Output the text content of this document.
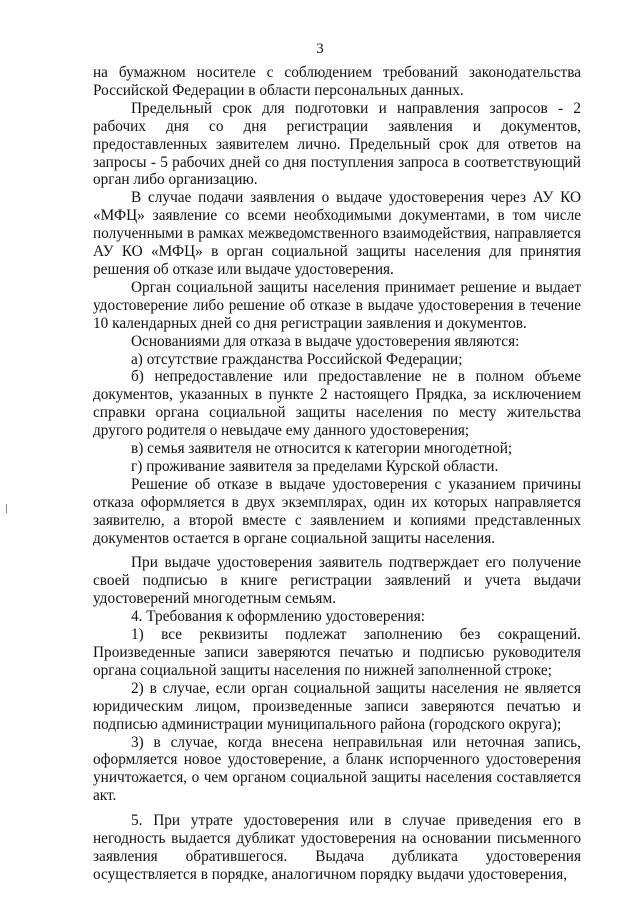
3

на бумажном носителе с соблюдением требований законодательства Российской Федерации в области персональных данных.

Предельный срок для подготовки и направления запросов - 2 рабочих дня со дня регистрации заявления и документов, предоставленных заявителем лично. Предельный срок для ответов на запросы - 5 рабочих дней со дня поступления запроса в соответствующий орган либо организацию.

В случае подачи заявления о выдаче удостоверения через АУ КО «МФЦ» заявление со всеми необходимыми документами, в том числе полученными в рамках межведомственного взаимодействия, направляется АУ КО «МФЦ» в орган социальной защиты населения для принятия решения об отказе или выдаче удостоверения.

Орган социальной защиты населения принимает решение и выдает удостоверение либо решение об отказе в выдаче удостоверения в течение 10 календарных дней со дня регистрации заявления и документов.

Основаниями для отказа в выдаче удостоверения являются:

а) отсутствие гражданства Российской Федерации;

б) непредоставление или предоставление не в полном объеме документов, указанных в пункте 2 настоящего Прядка, за исключением справки органа социальной защиты населения по месту жительства другого родителя о невыдаче ему данного удостоверения;

в) семья заявителя не относится к категории многодетной;

г) проживание заявителя за пределами Курской области.

Решение об отказе в выдаче удостоверения с указанием причины отказа оформляется в двух экземплярах, один их которых направляется заявителю, а второй вместе с заявлением и копиями представленных документов остается в органе социальной защиты населения.

При выдаче удостоверения заявитель подтверждает его получение своей подписью в книге регистрации заявлений и учета выдачи удостоверений многодетным семьям.

4. Требования к оформлению удостоверения:

1) все реквизиты подлежат заполнению без сокращений. Произведенные записи заверяются печатью и подписью руководителя органа социальной защиты населения по нижней заполненной строке;

2) в случае, если орган социальной защиты населения не является юридическим лицом, произведенные записи заверяются печатью и подписью администрации муниципального района (городского округа);

3) в случае, когда внесена неправильная или неточная запись, оформляется новое удостоверение, а бланк испорченного удостоверения уничтожается, о чем органом социальной защиты населения составляется акт.

5. При утрате удостоверения или в случае приведения его в негодность выдается дубликат удостоверения на основании письменного заявления обратившегося. Выдача дубликата удостоверения осуществляется в порядке, аналогичном порядку выдачи удостоверения,
